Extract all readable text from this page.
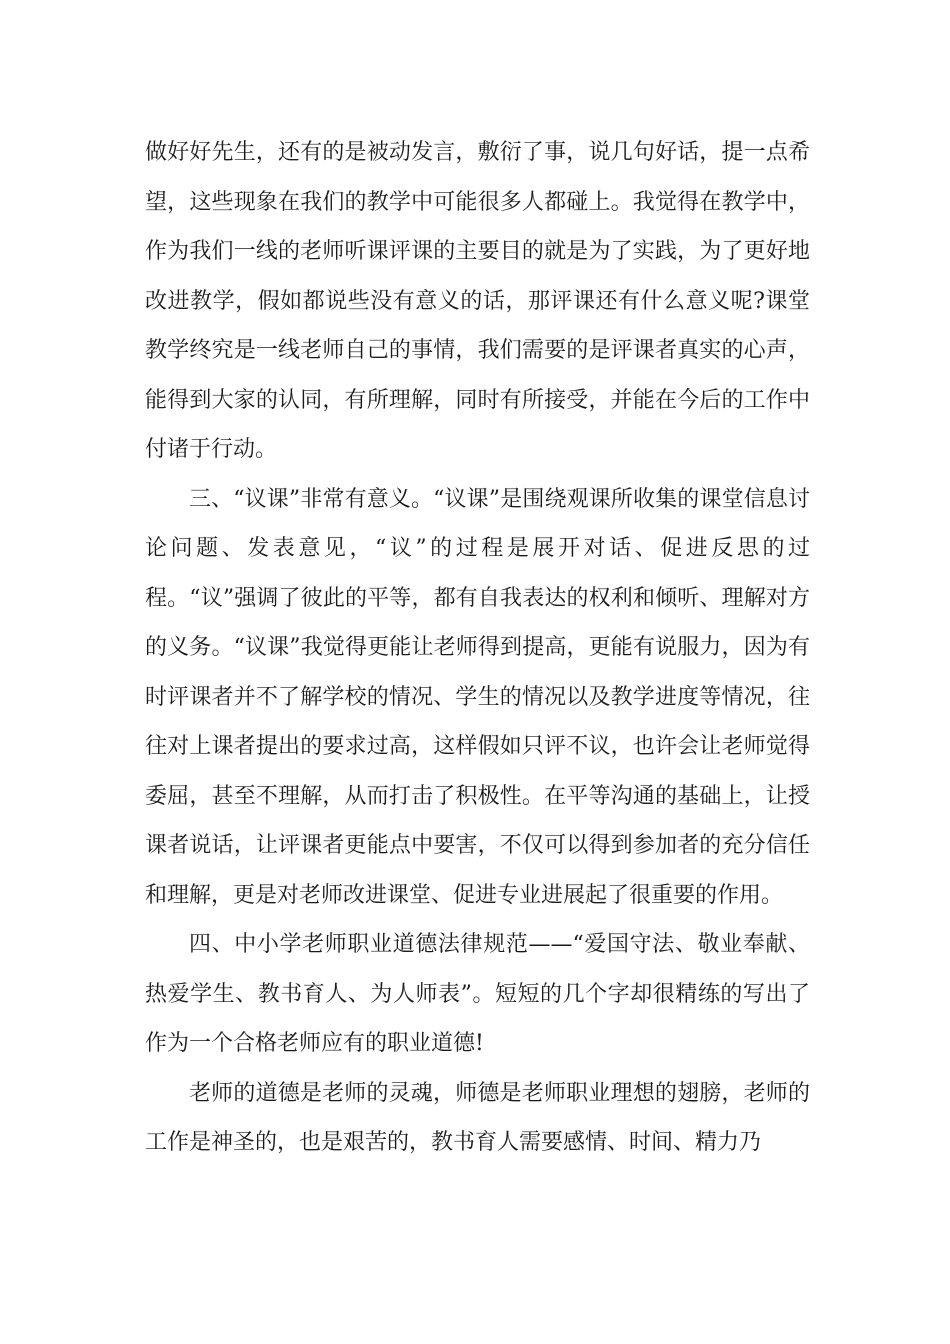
做好好先生，还有的是被动发言，敷衍了事，说几句好话，提一点希望，这些现象在我们的教学中可能很多人都碰上。我觉得在教学中，作为我们一线的老师听课评课的主要目的就是为了实践，为了更好地改进教学，假如都说些没有意义的话，那评课还有什么意义呢?课堂教学终究是一线老师自己的事情，我们需要的是评课者真实的心声，能得到大家的认同，有所理解，同时有所接受，并能在今后的工作中付诸于行动。

三、“议课”非常有意义。“议课”是围绕观课所收集的课堂信息讨论问题、发表意见，“议”的过程是展开对话、促进反思的过程。“议”强调了彼此的平等，都有自我表达的权利和倾听、理解对方的义务。“议课”我觉得更能让老师得到提高，更能有说服力，因为有时评课者并不了解学校的情况、学生的情况以及教学进度等情况，往往对上课者提出的要求过高，这样假如只评不议，也许会让老师觉得委屈，甚至不理解，从而打击了积极性。在平等沟通的基础上，让授课者说话，让评课者更能点中要害，不仅可以得到参加者的充分信任和理解，更是对老师改进课堂、促进专业进展起了很重要的作用。

四、中小学老师职业道德法律规范——“爱国守法、敬业奉献、热爱学生、教书育人、为人师表”。短短的几个字却很精练的写出了作为一个合格老师应有的职业道德!

老师的道德是老师的灵魂，师德是老师职业理想的翅膀，老师的工作是神圣的，也是艰苦的，教书育人需要感情、时间、精力乃
